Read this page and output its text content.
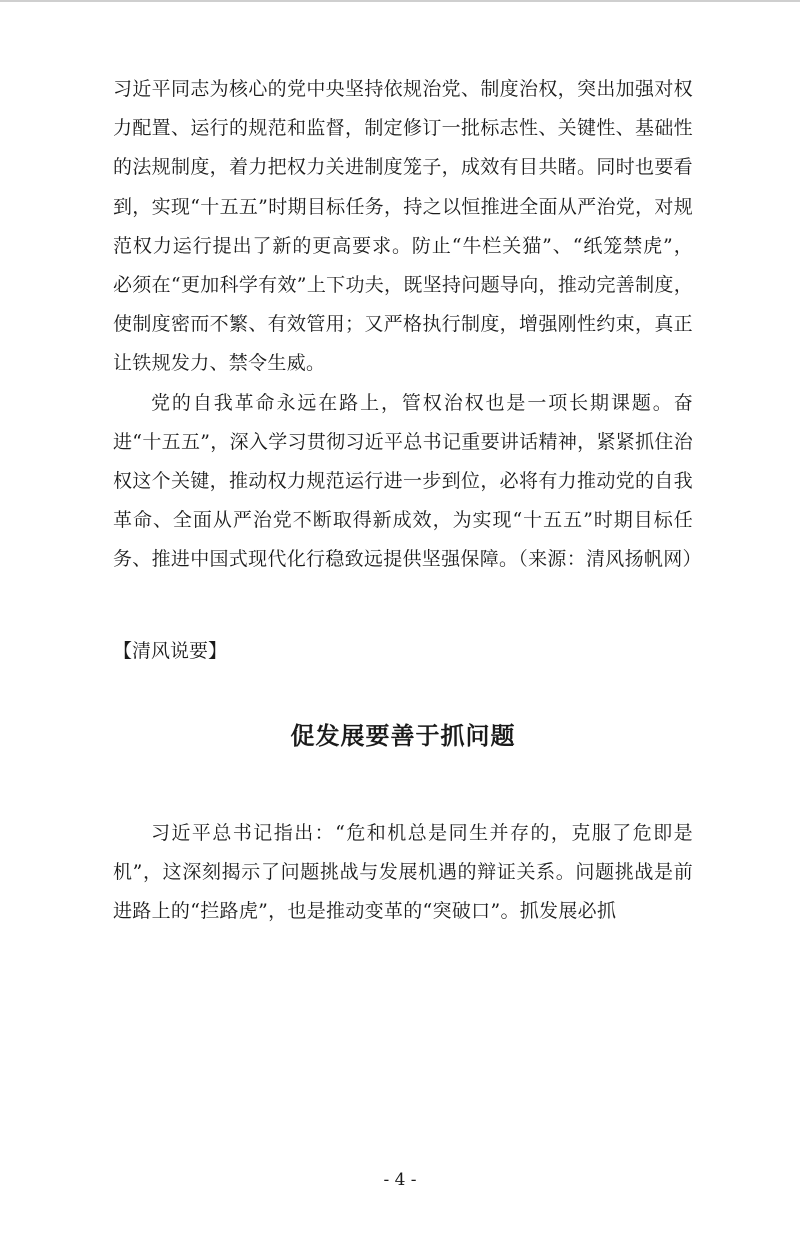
习近平同志为核心的党中央坚持依规治党、制度治权，突出加强对权力配置、运行的规范和监督，制定修订一批标志性、关键性、基础性的法规制度，着力把权力关进制度笼子，成效有目共睹。同时也要看到，实现“十五五”时期目标任务，持之以恒推进全面从严治党，对规范权力运行提出了新的更高要求。防止“牛栏关猫”、“纸笼禁虎”，必须在“更加科学有效”上下功夫，既坚持问题导向，推动完善制度，使制度密而不繁、有效管用；又严格执行制度，增强刚性约束，真正让铁规发力、禁令生威。

党的自我革命永远在路上，管权治权也是一项长期课题。奋进“十五五”，深入学习贯彻习近平总书记重要讲话精神，紧紧抓住治权这个关键，推动权力规范运行进一步到位，必将有力推动党的自我革命、全面从严治党不断取得新成效，为实现“十五五”时期目标任务、推进中国式现代化行稳致远提供坚强保障。（来源：清风扬帆网）

【清风说要】

促发展要善于抓问题

习近平总书记指出：“危和机总是同生并存的，克服了危即是机”，这深刻揭示了问题挑战与发展机遇的辩证关系。问题挑战是前进路上的“拦路虎”，也是推动变革的“突破口”。抓发展必抓

- 4 -
